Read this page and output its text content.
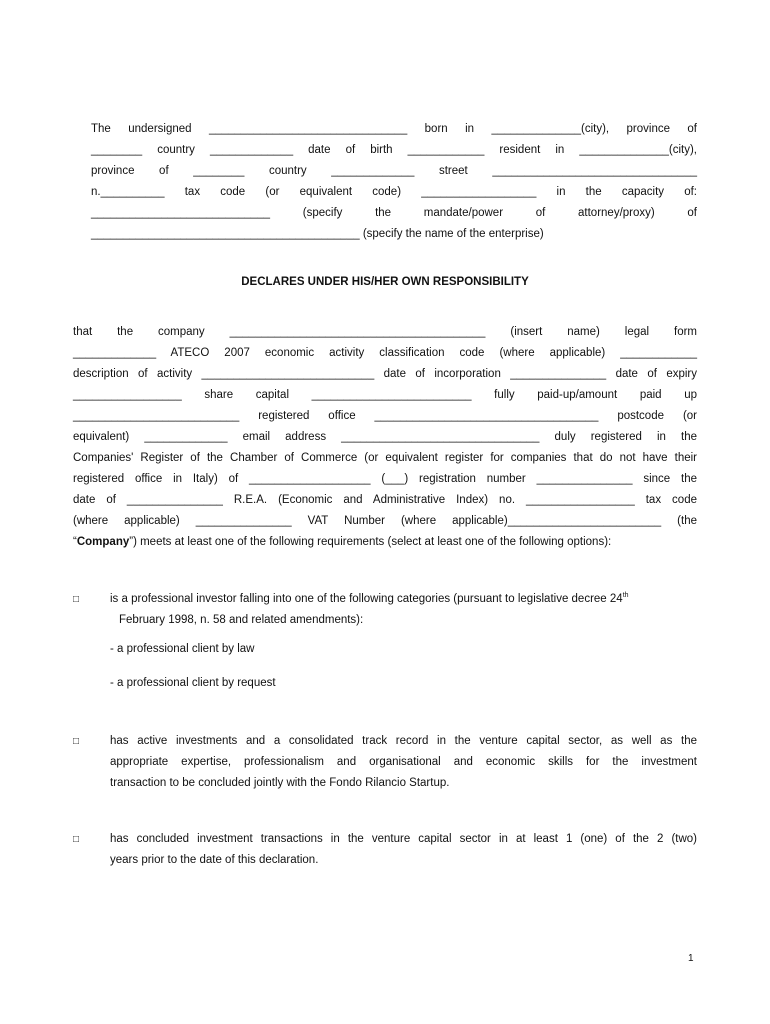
The undersigned _______________________________ born in ______________(city), province of
________ country _____________ date of birth ____________ resident in ______________(city),
province of ________ country _____________ street ________________________________
n.__________ tax code (or equivalent code) __________________ in the capacity of:
____________________________ (specify the mandate/power of attorney/proxy) of
__________________________________________ (specify the name of the enterprise)
DECLARES UNDER HIS/HER OWN RESPONSIBILITY
that the company ________________________________________ (insert name) legal form
_____________ ATECO 2007 economic activity classification code (where applicable) ____________
description of activity ___________________________ date of incorporation _______________ date of expiry
_________________ share capital _________________________ fully paid-up/amount paid up
__________________________ registered office ___________________________________ postcode (or
equivalent) _____________ email address _______________________________ duly registered in the
Companies' Register of the Chamber of Commerce (or equivalent register for companies that do not have their
registered office in Italy) of ___________________ (___) registration number _______________ since the
date of _______________ R.E.A. (Economic and Administrative Index) no. _________________ tax code
(where applicable) _______________ VAT Number (where applicable)________________________ (the
“Company”) meets at least one of the following requirements (select at least one of the following options):
□	is a professional investor falling into one of the following categories (pursuant to legislative decree 24th
February 1998, n. 58 and related amendments):
- a professional client by law
- a professional client by request
□	has active investments and a consolidated track record in the venture capital sector, as well as the
appropriate expertise, professionalism and organisational and economic skills for the investment
transaction to be concluded jointly with the Fondo Rilancio Startup.
□	has concluded investment transactions in the venture capital sector in at least 1 (one) of the 2 (two)
years prior to the date of this declaration.
1
